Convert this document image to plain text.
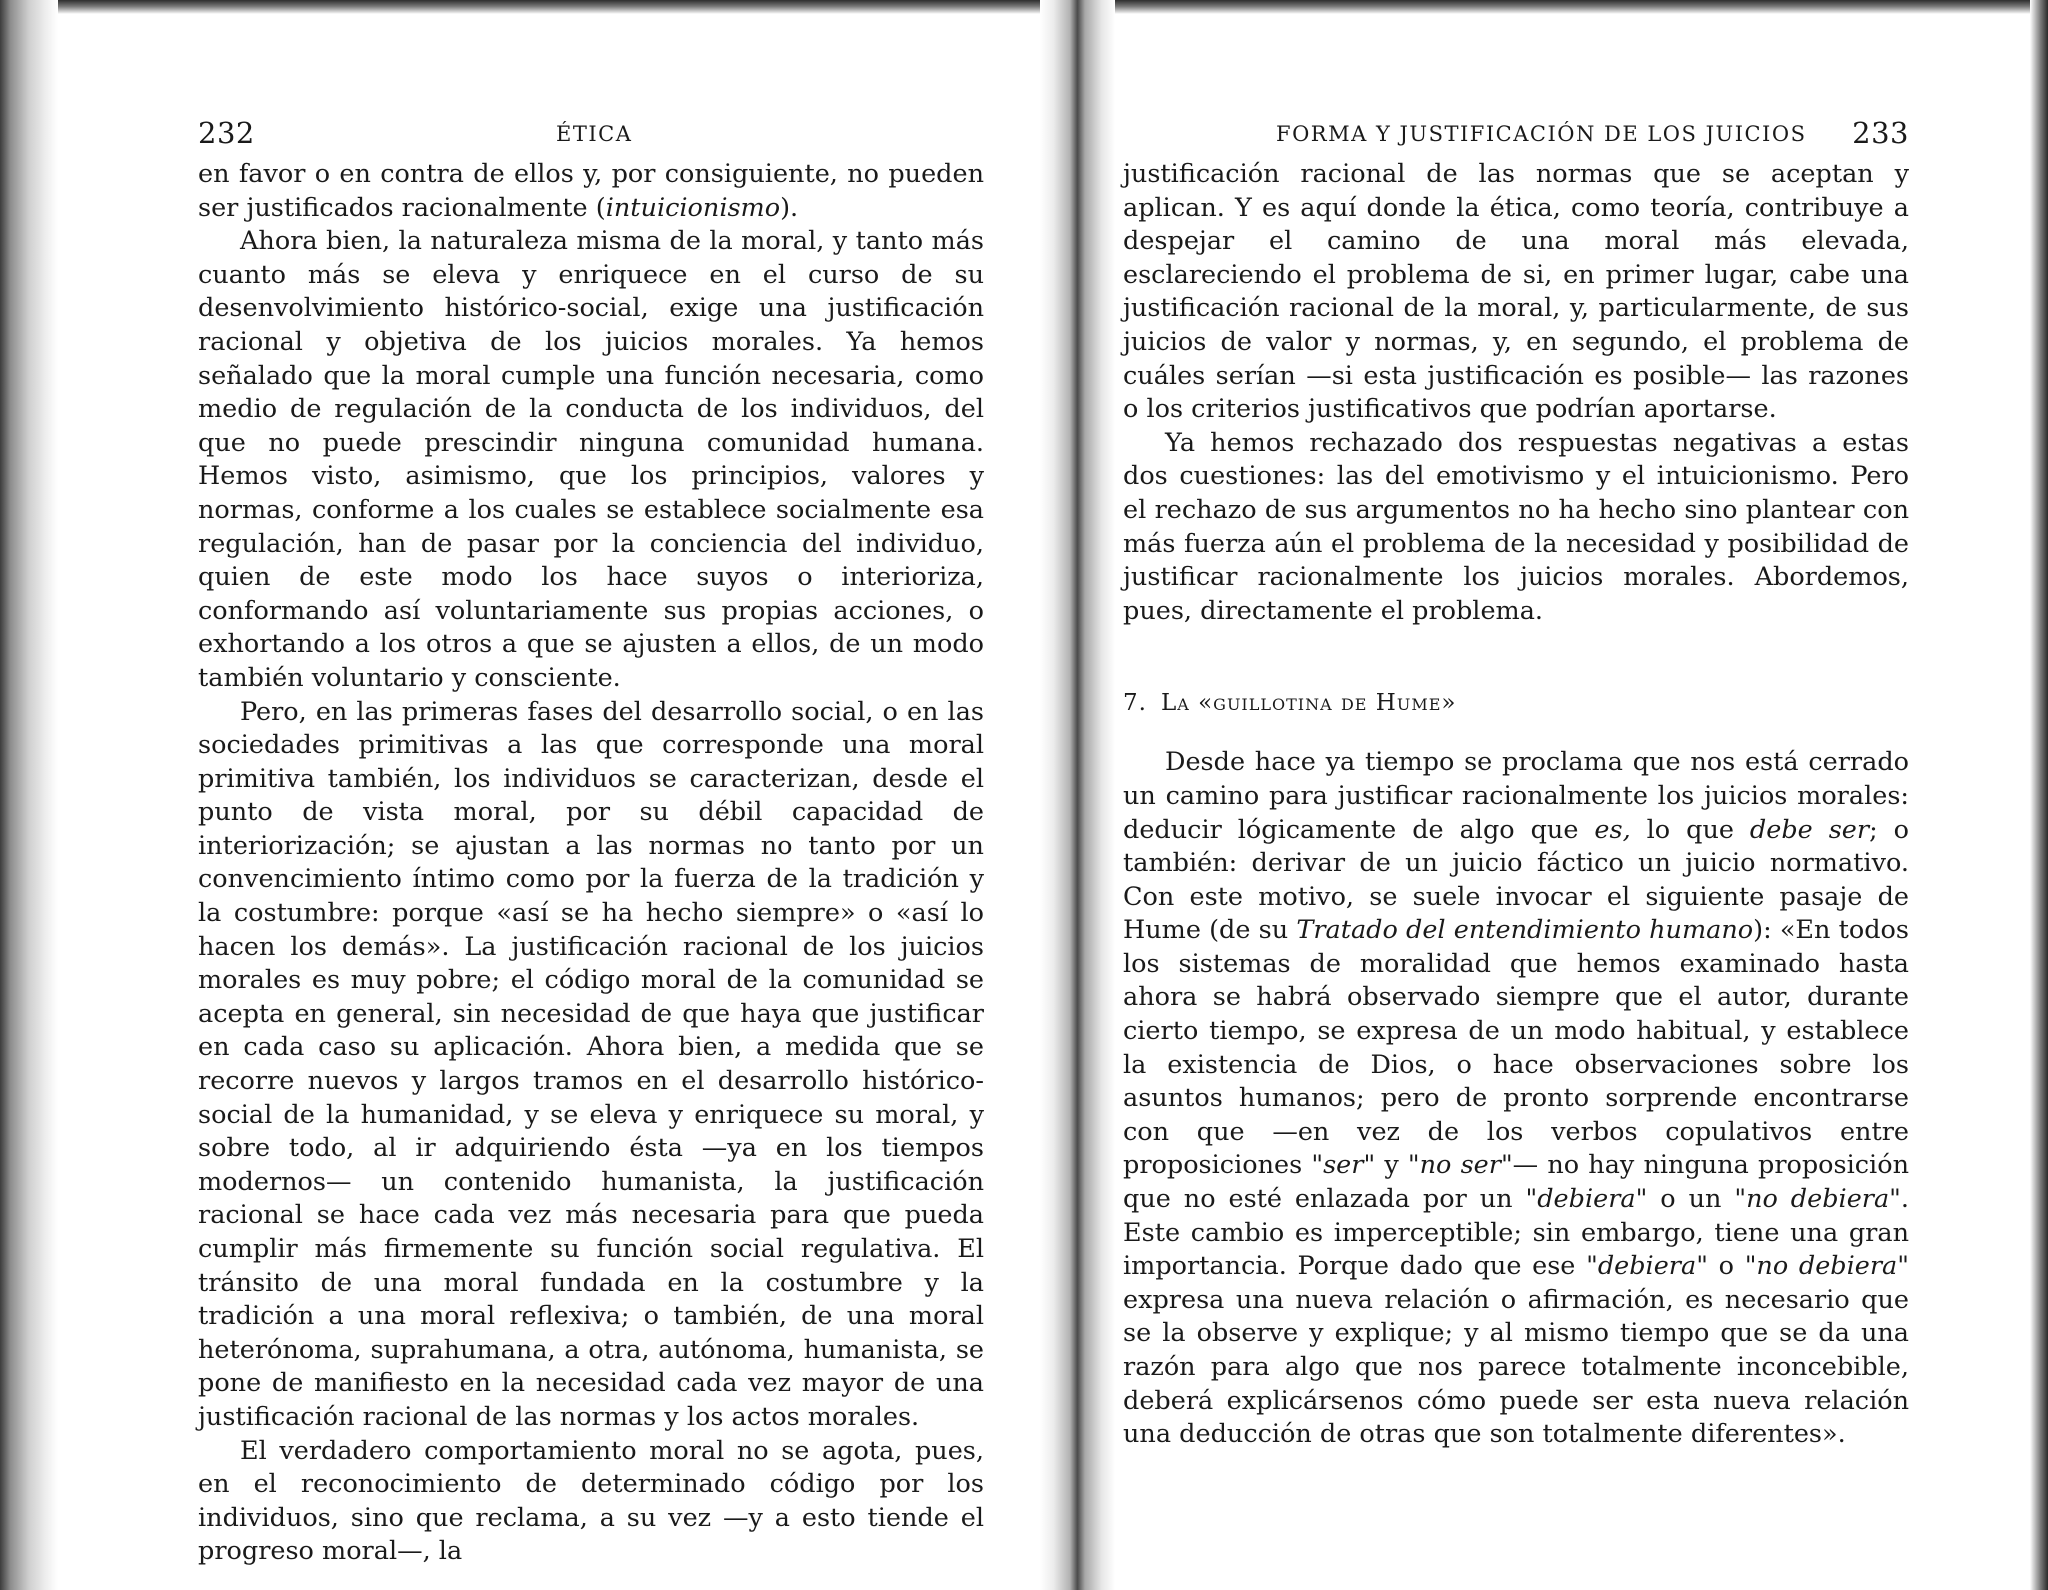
232	ÉTICA

en favor o en contra de ellos y, por consiguiente, no pueden ser justificados racionalmente (intuicionismo).

Ahora bien, la naturaleza misma de la moral, y tanto más cuanto más se eleva y enriquece en el curso de su desenvolvimiento histórico-social, exige una justificación racional y objetiva de los juicios morales. Ya hemos señalado que la moral cumple una función necesaria, como medio de regulación de la conducta de los individuos, del que no puede prescindir ninguna comunidad humana. Hemos visto, asimismo, que los principios, valores y normas, conforme a los cuales se establece socialmente esa regulación, han de pasar por la conciencia del individuo, quien de este modo los hace suyos o interioriza, conformando así voluntariamente sus propias acciones, o exhortando a los otros a que se ajusten a ellos, de un modo también voluntario y consciente.

Pero, en las primeras fases del desarrollo social, o en las sociedades primitivas a las que corresponde una moral primitiva también, los individuos se caracterizan, desde el punto de vista moral, por su débil capacidad de interiorización; se ajustan a las normas no tanto por un convencimiento íntimo como por la fuerza de la tradición y la costumbre: porque «así se ha hecho siempre» o «así lo hacen los demás». La justificación racional de los juicios morales es muy pobre; el código moral de la comunidad se acepta en general, sin necesidad de que haya que justificar en cada caso su aplicación. Ahora bien, a medida que se recorre nuevos y largos tramos en el desarrollo histórico-social de la humanidad, y se eleva y enriquece su moral, y sobre todo, al ir adquiriendo ésta —ya en los tiempos modernos— un contenido humanista, la justificación racional se hace cada vez más necesaria para que pueda cumplir más firmemente su función social regulativa. El tránsito de una moral fundada en la costumbre y la tradición a una moral reflexiva; o también, de una moral heterónoma, suprahumana, a otra, autónoma, humanista, se pone de manifiesto en la necesidad cada vez mayor de una justificación racional de las normas y los actos morales.

El verdadero comportamiento moral no se agota, pues, en el reconocimiento de determinado código por los individuos, sino que reclama, a su vez —y a esto tiende el progreso moral—, la

FORMA Y JUSTIFICACIÓN DE LOS JUICIOS 233

justificación racional de las normas que se aceptan y aplican. Y es aquí donde la ética, como teoría, contribuye a despejar el camino de una moral más elevada, esclareciendo el problema de si, en primer lugar, cabe una justificación racional de la moral, y, particularmente, de sus juicios de valor y normas, y, en segundo, el problema de cuáles serían —si esta justificación es posible— las razones o los criterios justificativos que podrían aportarse.

Ya hemos rechazado dos respuestas negativas a estas dos cuestiones: las del emotivismo y el intuicionismo. Pero el rechazo de sus argumentos no ha hecho sino plantear con más fuerza aún el problema de la necesidad y posibilidad de justificar racionalmente los juicios morales. Abordemos, pues, directamente el problema.

7. La «guillotina de Hume»

Desde hace ya tiempo se proclama que nos está cerrado un camino para justificar racionalmente los juicios morales: deducir lógicamente de algo que es, lo que debe ser; o también: derivar de un juicio fáctico un juicio normativo. Con este motivo, se suele invocar el siguiente pasaje de Hume (de su Tratado del entendimiento humano): «En todos los sistemas de moralidad que hemos examinado hasta ahora se habrá observado siempre que el autor, durante cierto tiempo, se expresa de un modo habitual, y establece la existencia de Dios, o hace observaciones sobre los asuntos humanos; pero de pronto sorprende encontrarse con que —en vez de los verbos copulativos entre proposiciones "ser" y "no ser"— no hay ninguna proposición que no esté enlazada por un "debiera" o un "no debiera". Este cambio es imperceptible; sin embargo, tiene una gran importancia. Porque dado que ese "debiera" o "no debiera" expresa una nueva relación o afirmación, es necesario que se la observe y explique; y al mismo tiempo que se da una razón para algo que nos parece totalmente inconcebible, deberá explicársenos cómo puede ser esta nueva relación una deducción de otras que son totalmente diferentes».
